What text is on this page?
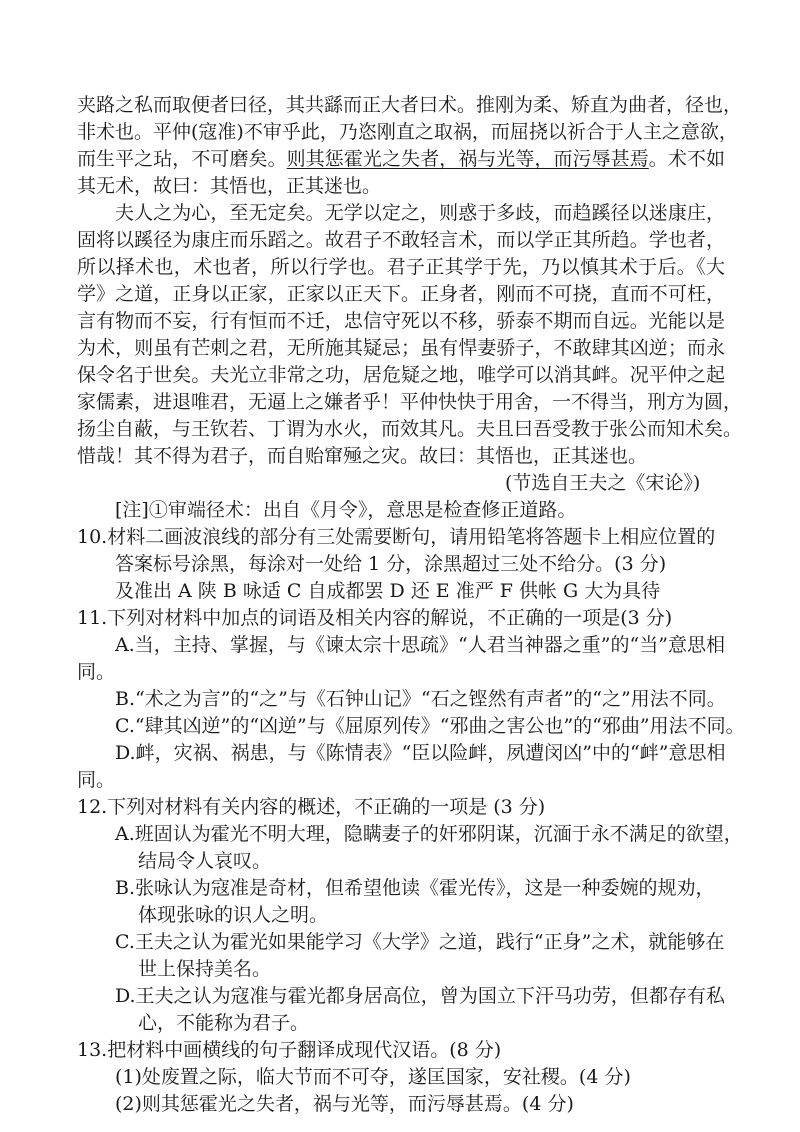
夹路之私而取便者曰径，其共繇而正大者曰术。推刚为柔、矫直为曲者，径也，
非术也。平仲(寇准)不审乎此，乃恣刚直之取祸，而屈挠以祈合于人主之意欲，
而生平之玷，不可磨矣。则其惩霍光之失者，祸与光等，而污辱甚焉。术不如
其无术，故曰：其悟也，正其迷也。
夫人之为心，至无定矣。无学以定之，则惑于多歧，而趋蹊径以迷康庄，
固将以蹊径为康庄而乐蹈之。故君子不敢轻言术，而以学正其所趋。学也者，
所以择术也，术也者，所以行学也。君子正其学于先，乃以慎其术于后。《大
学》之道，正身以正家，正家以正天下。正身者，刚而不可挠，直而不可枉，
言有物而不妄，行有恒而不迁，忠信守死以不移，骄泰不期而自远。光能以是
为术，则虽有芒刺之君，无所施其疑忌；虽有悍妻骄子，不敢肆其凶逆；而永
保令名于世矣。夫光立非常之功，居危疑之地，唯学可以消其衅。况平仲之起
家儒素，进退唯君，无逼上之嫌者乎！平仲快快于用舍，一不得当，刑方为圆，
扬尘自蔽，与王钦若、丁谓为水火，而效其凡。夫且曰吾受教于张公而知术矣。
惜哉！其不得为君子，而自贻窜殛之灾。故曰：其悟也，正其迷也。
(节选自王夫之《宋论》)
[注]①审端径术：出自《月令》，意思是检查修正道路。
10.材料二画波浪线的部分有三处需要断句，请用铅笔将答题卡上相应位置的
答案标号涂黑，每涂对一处给 1 分，涂黑超过三处不给分。(3 分)
及准出 A 陕 B 咏适 C 自成都罢 D 还 E 准严 F 供帐 G 大为具待
11.下列对材料中加点的词语及相关内容的解说，不正确的一项是(3 分)
A.当，主持、掌握，与《谏太宗十思疏》“人君当神器之重”的“当”意思相
同。
B.“术之为言”的“之”与《石钟山记》“石之铿然有声者”的“之”用法不同。
C.“肆其凶逆”的“凶逆”与《屈原列传》“邪曲之害公也”的“邪曲”用法不同。
D.衅，灾祸、祸患，与《陈情表》“臣以险衅，夙遭闵凶”中的“衅”意思相
同。
12.下列对材料有关内容的概述，不正确的一项是 (3 分)
A.班固认为霍光不明大理，隐瞒妻子的奸邪阴谋，沉湎于永不满足的欲望，
结局令人哀叹。
B.张咏认为寇准是奇材，但希望他读《霍光传》，这是一种委婉的规劝，
体现张咏的识人之明。
C.王夫之认为霍光如果能学习《大学》之道，践行“正身”之术，就能够在
世上保持美名。
D.王夫之认为寇准与霍光都身居高位，曾为国立下汗马功劳，但都存有私
心，不能称为君子。
13.把材料中画横线的句子翻译成现代汉语。(8 分)
(1)处废置之际，临大节而不可夺，遂匡国家，安社稷。(4 分)
(2)则其惩霍光之失者，祸与光等，而污辱甚焉。(4 分)
